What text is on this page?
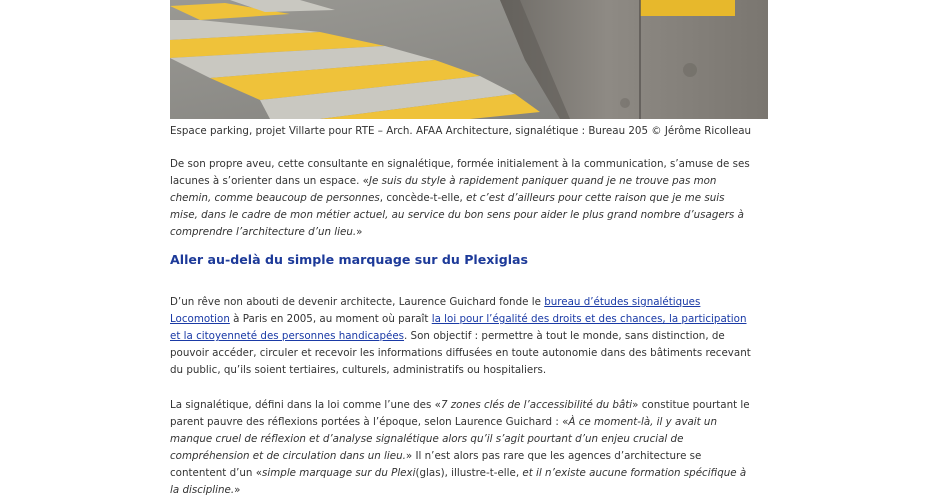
Espace parking, projet Villarte pour RTE – Arch. AFAA Architecture, signalétique : Bureau 205 © Jérôme Ricolleau

De son propre aveu, cette consultante en signalétique, formée initialement à la communication, s’amuse de ses lacunes à s’orienter dans un espace. «Je suis du style à rapidement paniquer quand je ne trouve pas mon chemin, comme beaucoup de personnes, concède-t-elle, et c’est d’ailleurs pour cette raison que je me suis mise, dans le cadre de mon métier actuel, au service du bon sens pour aider le plus grand nombre d’usagers à comprendre l’architecture d’un lieu.»

Aller au-delà du simple marquage sur du Plexiglas

D’un rêve non abouti de devenir architecte, Laurence Guichard fonde le bureau d’études signalétiques Locomotion à Paris en 2005, au moment où paraît la loi pour l’égalité des droits et des chances, la participation et la citoyenneté des personnes handicapées. Son objectif : permettre à tout le monde, sans distinction, de pouvoir accéder, circuler et recevoir les informations diffusées en toute autonomie dans des bâtiments recevant du public, qu’ils soient tertiaires, culturels, administratifs ou hospitaliers.

La signalétique, défini dans la loi comme l’une des «7 zones clés de l’accessibilité du bâti» constitue pourtant le parent pauvre des réflexions portées à l’époque, selon Laurence Guichard : «À ce moment-là, il y avait un manque cruel de réflexion et d’analyse signalétique alors qu’il s’agit pourtant d’un enjeu crucial de compréhension et de circulation dans un lieu.» Il n’est alors pas rare que les agences d’architecture se contentent d’un «simple marquage sur du Plexi(glas), illustre-t-elle, et il n’existe aucune formation spécifique à la discipline.»
